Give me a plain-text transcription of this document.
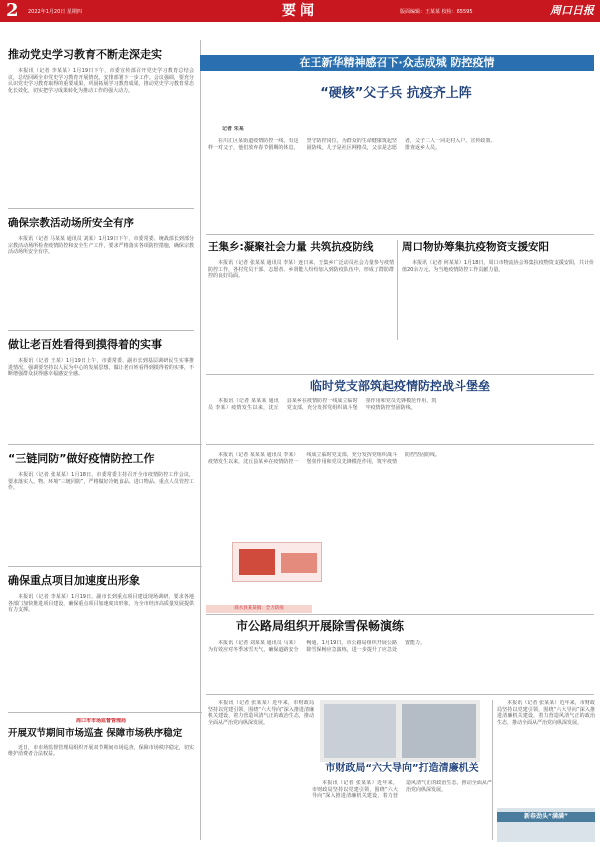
2 2022年1月20日 星期四	要闻	版面编辑：王某某 校检：65595	周口日报
推动党史学习教育不断走深走实

本报讯（记者 李某某）1月19日下午，市委宣传部召开党史学习教育总结会议，总结回顾全市党史学习教育开展情况，安排部署下一步工作。会议强调，要充分认识党史学习教育取得的重要成果，巩固拓展学习教育成果，推动党史学习教育常态化长效化，切实把学习成果转化为推动工作的强大动力。

确保宗教活动场所安全有序

本报讯（记者 马某某 通讯员 刘某）1月19日下午，市委常委、统战部长到部分宗教活动场所检查疫情防控和安全生产工作，要求严格落实各项防控措施，确保宗教活动场所安全有序。

做让老百姓看得到摸得着的实事

本报讯（记者 王某）1月19日上午，市委常委、副市长到基层调研民生实事推进情况，强调要坚持以人民为中心的发展思想，做让老百姓看得到摸得着的实事，不断增强群众获得感幸福感安全感。

“三链同防”做好疫情防控工作

本报讯（记者 张某某）1月18日，市委常委主持召开全市疫情防控工作会议，要求落实人、物、环境“三链同防”，严格做好冷链食品、进口物品、重点人员管控工作。

确保重点项目加速度出形象

本报讯（记者 李某某）1月19日，副市长到重点项目建设现场调研，要求各地各部门加快推进项目建设，确保重点项目加速度出形象，为全市经济高质量发展提供有力支撑。

周口市市场监督管理局
开展双节期间市场巡查 保障市场秩序稳定

近日，市市场监督管理局组织开展双节期间市场巡查，保障市场秩序稳定，切实维护消费者合法权益。

在王新华精神感召下·众志成城 防控疫情
“硬核”父子兵 抗疫齐上阵
记者 朱某

在川汇区某街道疫情防控一线，有这样一对父子，他们放弃春节假期的休息，坚守防控岗位，为群众的生命健康筑起坚固防线。儿子是社区网格员，父亲是志愿者，父子二人一同走村入户、宣传政策、排查返乡人员。

王集乡:凝聚社会力量 共筑抗疫防线

本报讯（记者 张某某 通讯员 李某）连日来，王集乡广泛动员社会力量参与疫情防控工作，各村党员干部、志愿者、乡贤能人纷纷加入到防疫队伍中，形成了群防群控的良好局面。

周口物协筹集抗疫物资支援安阳

本报讯（记者 何某某）1月18日，周口市物流协会筹集抗疫物资支援安阳，共计价值20余万元，为当地疫情防控工作贡献力量。

临时党支部筑起疫情防控战斗堡垒

本报讯（记者 某某某 通讯员 李某）疫情发生以来，沈丘县某乡在疫情防控一线成立临时党支部，充分发挥党组织战斗堡垒作用和党员先锋模范作用，筑牢疫情防控坚固防线。

本报讯（记者 某某某 通讯员 李某）疫情发生以来，沈丘县某乡在疫情防控一线成立临时党支部，充分发挥党组织战斗堡垒作用和党员先锋模范作用，筑牢疫情防控坚固防线。

商水县某某镇：全力防疫
市公路局组织开展除雪保畅演练

本报讯（记者 刘某某 通讯员 马某）为有效应对冬季冰雪天气，确保道路安全畅通，1月19日，市公路局组织开展公路除雪保畅应急演练，进一步提升了应急处置能力。

本报讯（记者 张某某）近年来，市财政局坚持以党建引领，围绕“六大导向”深入推进清廉机关建设，着力营造风清气正的政治生态，推动全面从严治党向纵深发展。

市财政局“六大导向”打造清廉机关

本报讯（记者 张某某）近年来，市财政局坚持以党建引领，围绕“六大导向”深入推进清廉机关建设，着力营造风清气正的政治生态，推动全面从严治党向纵深发展。

本报讯（记者 张某某）近年来，市财政局坚持以党建引领，围绕“六大导向”深入推进清廉机关建设，着力营造风清气正的政治生态，推动全面从严治党向纵深发展。

新春劲头“满满”
